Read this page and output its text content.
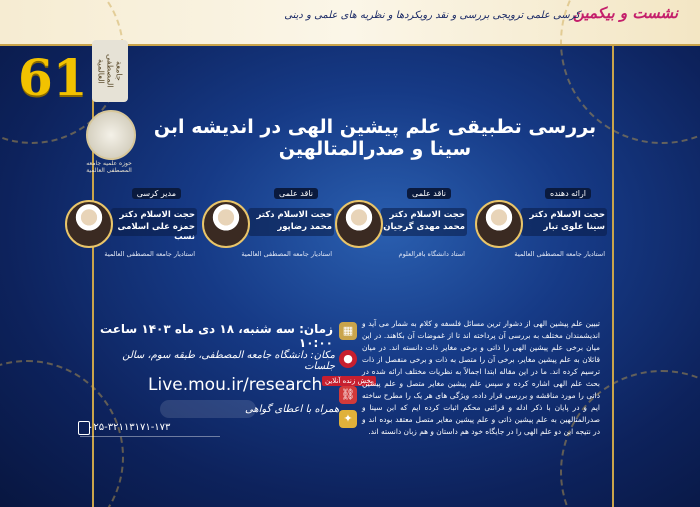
نشست و بیکمین
کرسی علمی ترویجی بررسی و نقد رویکردها و نظریه های علمی و دینی
61	جامعة المصطفی العالمیة
حوزه علمیه جامعه المصطفی العالمیة
بررسی تطبیقی علم پیشین الهی در اندیشه ابن سینا و صدرالمتالهین
ارائه دهنده
حجت الاسلام دکتر
سینا علوی تبار
استادیار جامعه المصطفی العالمیة
ناقد علمی
حجت الاسلام دکتر
محمد مهدی گرجیان
استاد دانشگاه باقرالعلوم
ناقد علمی
حجت الاسلام دکتر
محمد رضاپور
استادیار جامعه المصطفی العالمیة
مدیر کرسی
حجت الاسلام دکتر
حمزه علی اسلامی نسب
استادیار جامعه المصطفی العالمیة
▦
●
پخش زنده آنلاین
⛓
✦
زمان: سه شنبه، ۱۸ دی ماه ۱۴۰۳ ساعت ۱۰:۰۰
مکان: دانشگاه جامعه المصطفی، طبقه سوم، سالن جلسات
Live.mou.ir/research
همراه با اعطای گواهی
۰۲۵-۳۲۱۱۳۱۷۱-۱۷۳
تبیین علم پیشین الهی از دشوار ترین مسائل فلسفه و کلام به شمار می آید و اندیشمندان مختلف به بررسی آن پرداخته اند تا از غموضات آن بکاهند. در این میان برخی علم پیشین الهی را ذاتی و برخی مغایر ذات دانسته اند. در میان قائلان به علم پیشین مغایر، برخی آن را متصل به ذات و برخی منفصل از ذات ترسیم کرده اند. ما در این مقاله ابتدا اجمالاً به نظریات مختلف ارائه شده در بحث علم الهی اشاره کرده و سپس علم پیشین مغایر متصل و علم پیشین ذاتی را مورد مناقشه و بررسی قرار داده، ویژگی های هر یک را مطرح ساخته ایم و در پایان با ذکر ادله و قرائنی محکم اثبات کرده ایم که ابن سینا و صدرالمتالهین به علم پیشین ذاتی و علم پیشین مغایر متصل معتقد بوده اند و در نتیجه این دو علم الهی را در جایگاه خود هم داستان و هم زبان دانسته اند.
